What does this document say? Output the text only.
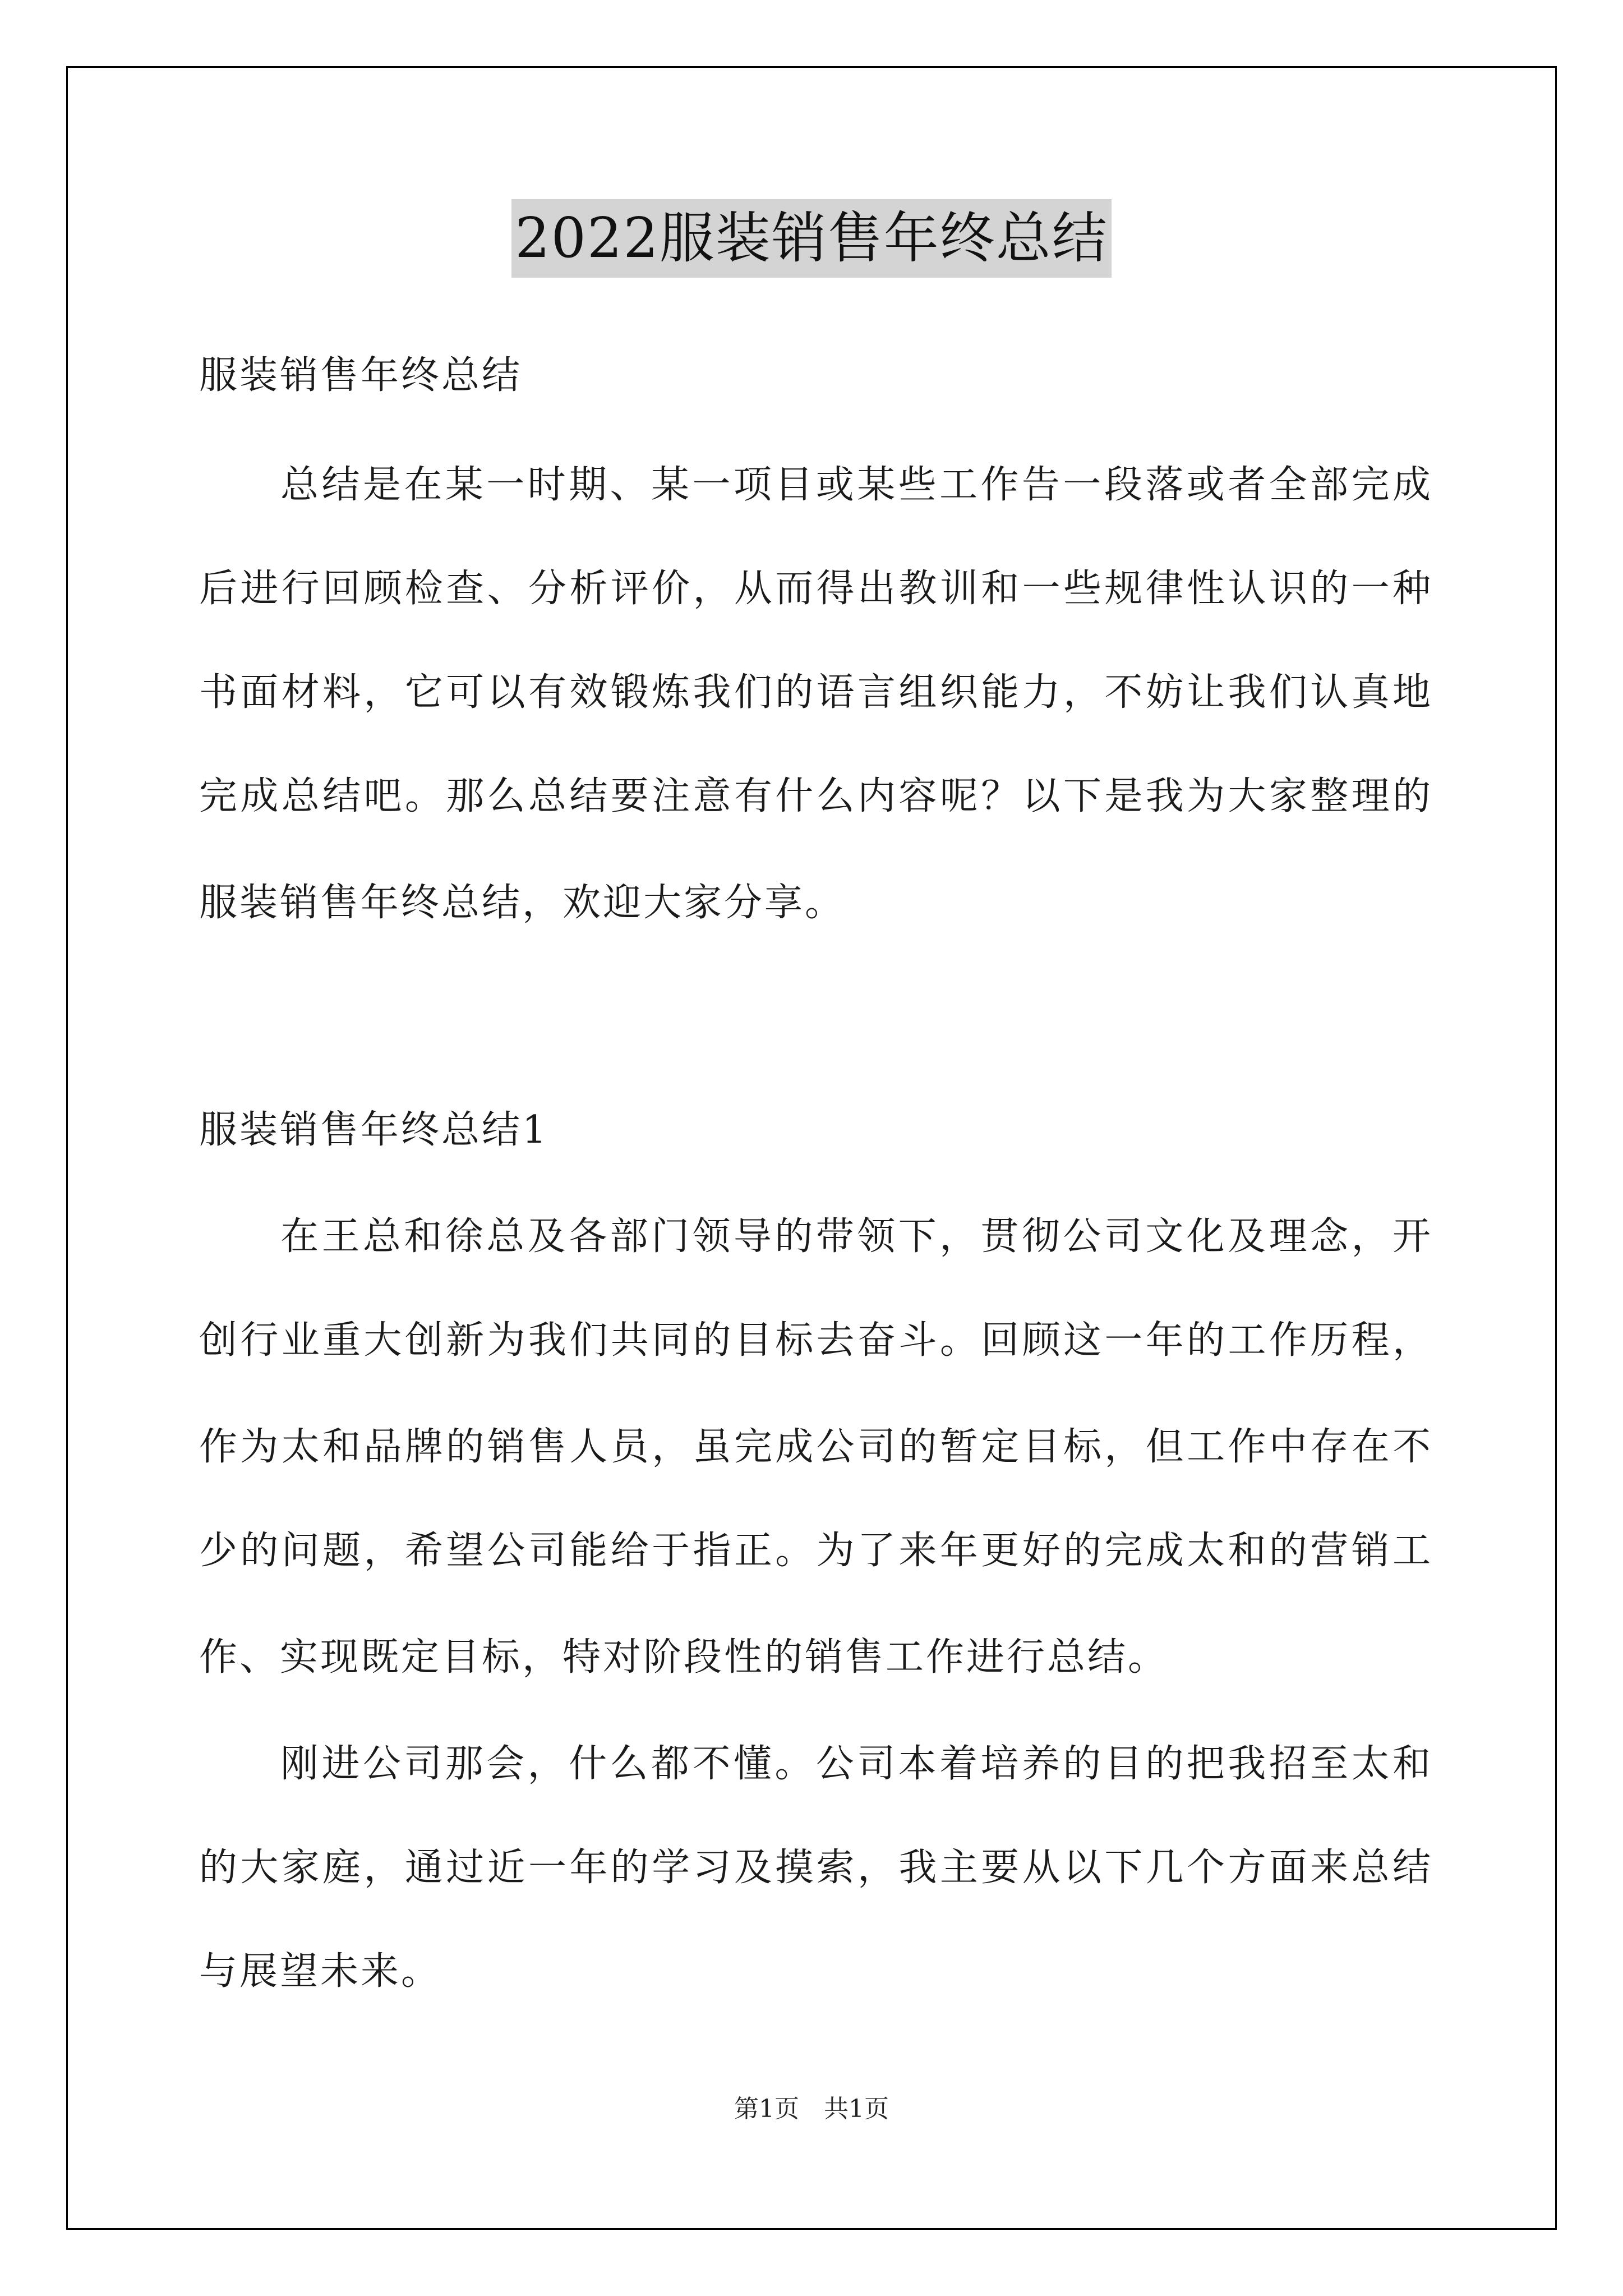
2022服装销售年终总结
服装销售年终总结
总结是在某一时期、某一项目或某些工作告一段落或者全部完成
后进行回顾检查、分析评价，从而得出教训和一些规律性认识的一种
书面材料，它可以有效锻炼我们的语言组织能力，不妨让我们认真地
完成总结吧。那么总结要注意有什么内容呢？以下是我为大家整理的
服装销售年终总结，欢迎大家分享。
服装销售年终总结1
在王总和徐总及各部门领导的带领下，贯彻公司文化及理念，开
创行业重大创新为我们共同的目标去奋斗。回顾这一年的工作历程，
作为太和品牌的销售人员，虽完成公司的暂定目标，但工作中存在不
少的问题，希望公司能给于指正。为了来年更好的完成太和的营销工
作、实现既定目标，特对阶段性的销售工作进行总结。
刚进公司那会，什么都不懂。公司本着培养的目的把我招至太和
的大家庭，通过近一年的学习及摸索，我主要从以下几个方面来总结
与展望未来。
第1页　共1页
